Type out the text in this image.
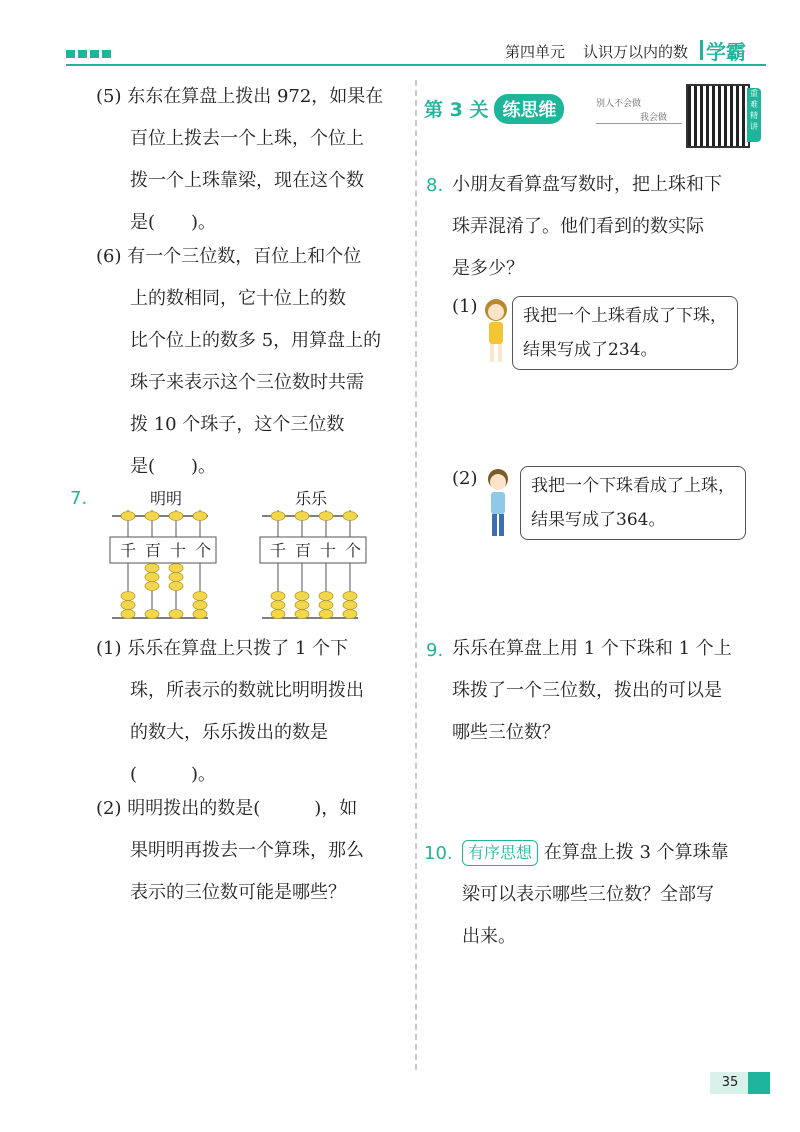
第四单元 认识万以内的数 学霸
(5) 东东在算盘上拨出 972，如果在
百位上拨去一个上珠，个位上
拨一个上珠靠梁，现在这个数
是(　　)。
(6) 有一个三位数，百位上和个位
上的数相同，它十位上的数
比个位上的数多 5，用算盘上的
珠子来表示这个三位数时共需
拨 10 个珠子，这个三位数
是(　　)。
7.	明明	乐乐
千 百 十 个	千 百 十 个
(1) 乐乐在算盘上只拨了 1 个下
珠，所表示的数就比明明拨出
的数大，乐乐拨出的数是
(　　　)。
(2) 明明拨出的数是(　　　)，如
果明明再拨去一个算珠，那么
表示的三位数可能是哪些？
第 3 关 练思维	别人不会做
我会做
重难精讲
8. 小朋友看算盘写数时，把上珠和下
珠弄混淆了。他们看到的数实际
是多少？
(1)	我把一个上珠看成了下珠，
结果写成了234。
(2)	我把一个下珠看成了上珠，
结果写成了364。
9. 乐乐在算盘上用 1 个下珠和 1 个上
珠拨了一个三位数，拨出的可以是
哪些三位数？
10. 有序思想 在算盘上拨 3 个算珠靠
梁可以表示哪些三位数？全部写
出来。
35
